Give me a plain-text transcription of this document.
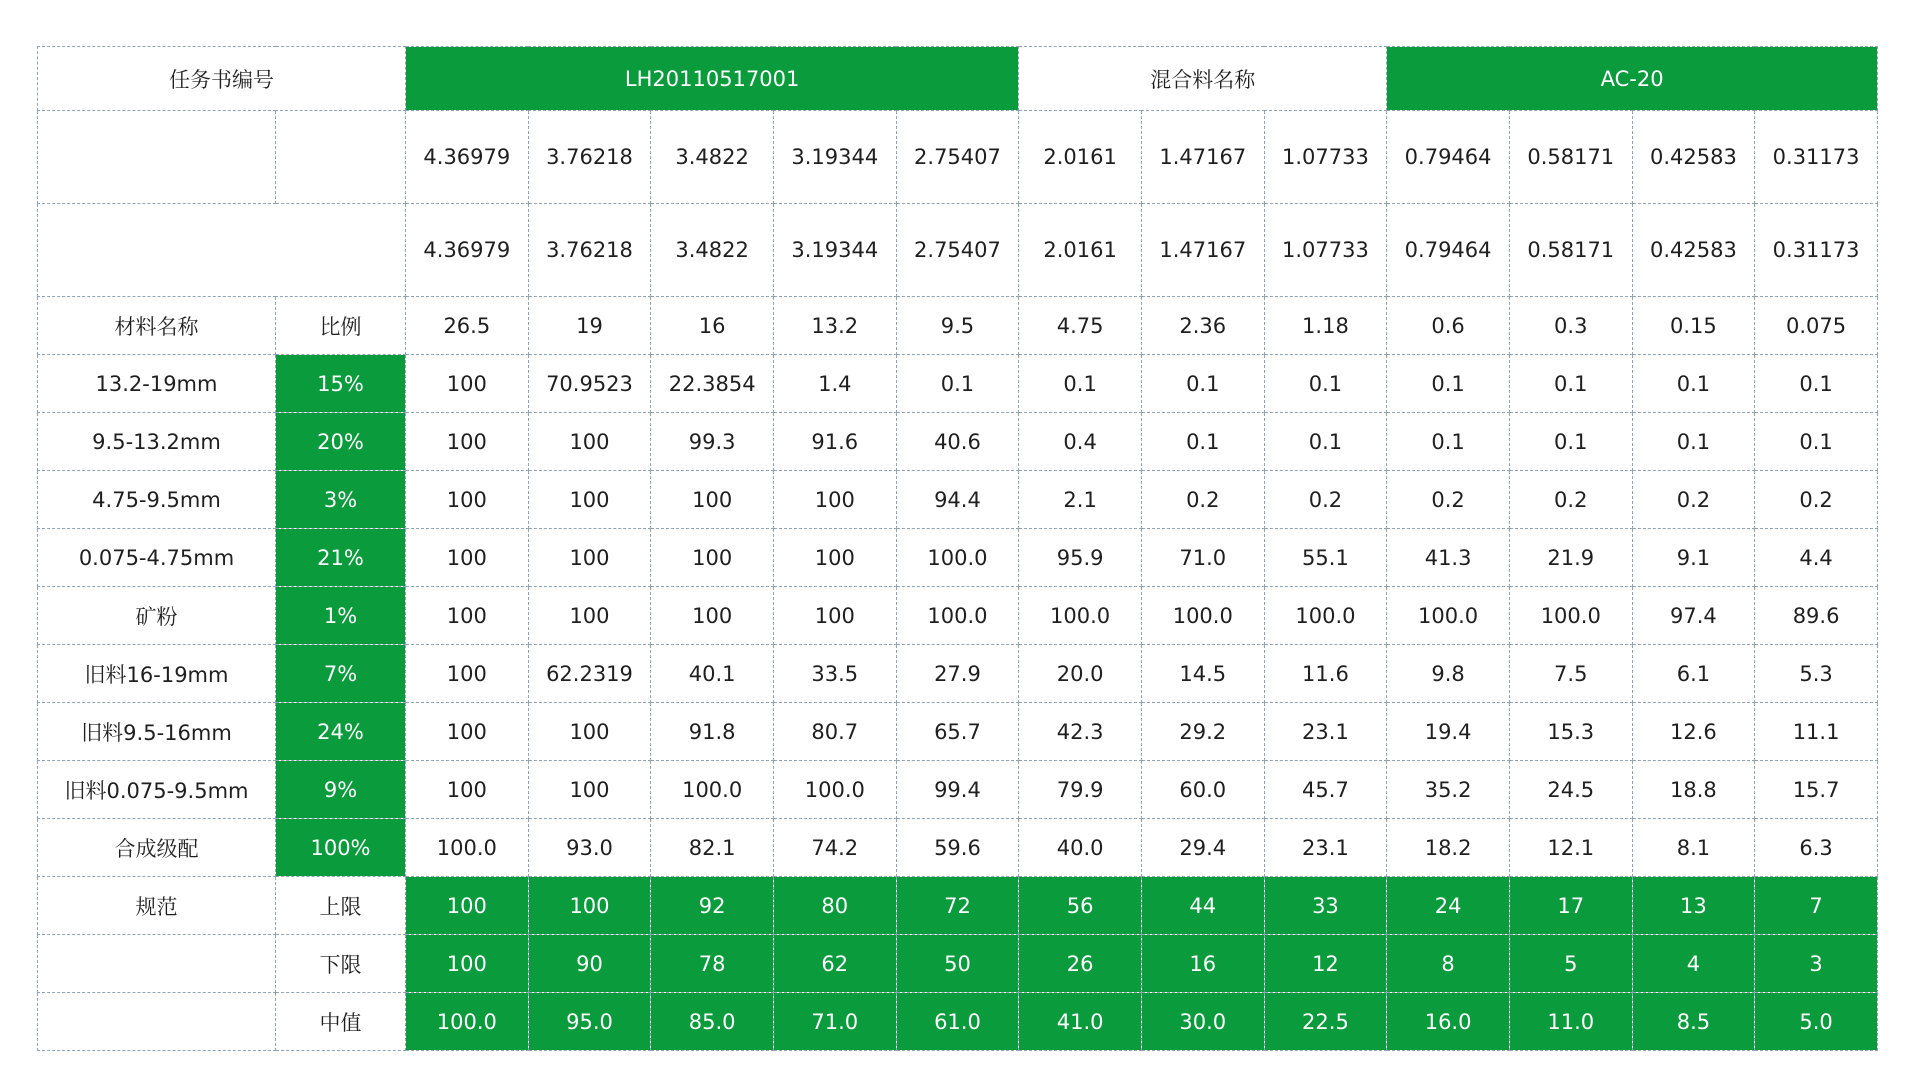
任务书编号		LH20110517001					混合料名称			AC-20			
		4.36979	3.76218	3.4822	3.19344	2.75407	2.0161	1.47167	1.07733	0.79464	0.58171	0.42583	0.31173
		4.36979	3.76218	3.4822	3.19344	2.75407	2.0161	1.47167	1.07733	0.79464	0.58171	0.42583	0.31173
材料名称	比例	26.5	19	16	13.2	9.5	4.75	2.36	1.18	0.6	0.3	0.15	0.075
13.2-19mm	15%	100	70.9523	22.3854	1.4	0.1	0.1	0.1	0.1	0.1	0.1	0.1	0.1
9.5-13.2mm	20%	100	100	99.3	91.6	40.6	0.4	0.1	0.1	0.1	0.1	0.1	0.1
4.75-9.5mm	3%	100	100	100	100	94.4	2.1	0.2	0.2	0.2	0.2	0.2	0.2
0.075-4.75mm	21%	100	100	100	100	100.0	95.9	71.0	55.1	41.3	21.9	9.1	4.4
矿粉	1%	100	100	100	100	100.0	100.0	100.0	100.0	100.0	100.0	97.4	89.6
旧料16-19mm	7%	100	62.2319	40.1	33.5	27.9	20.0	14.5	11.6	9.8	7.5	6.1	5.3
旧料9.5-16mm	24%	100	100	91.8	80.7	65.7	42.3	29.2	23.1	19.4	15.3	12.6	11.1
旧料0.075-9.5mm	9%	100	100	100.0	100.0	99.4	79.9	60.0	45.7	35.2	24.5	18.8	15.7
合成级配	100%	100.0	93.0	82.1	74.2	59.6	40.0	29.4	23.1	18.2	12.1	8.1	6.3
规范	上限	100	100	92	80	72	56	44	33	24	17	13	7
	下限	100	90	78	62	50	26	16	12	8	5	4	3
	中值	100.0	95.0	85.0	71.0	61.0	41.0	30.0	22.5	16.0	11.0	8.5	5.0
